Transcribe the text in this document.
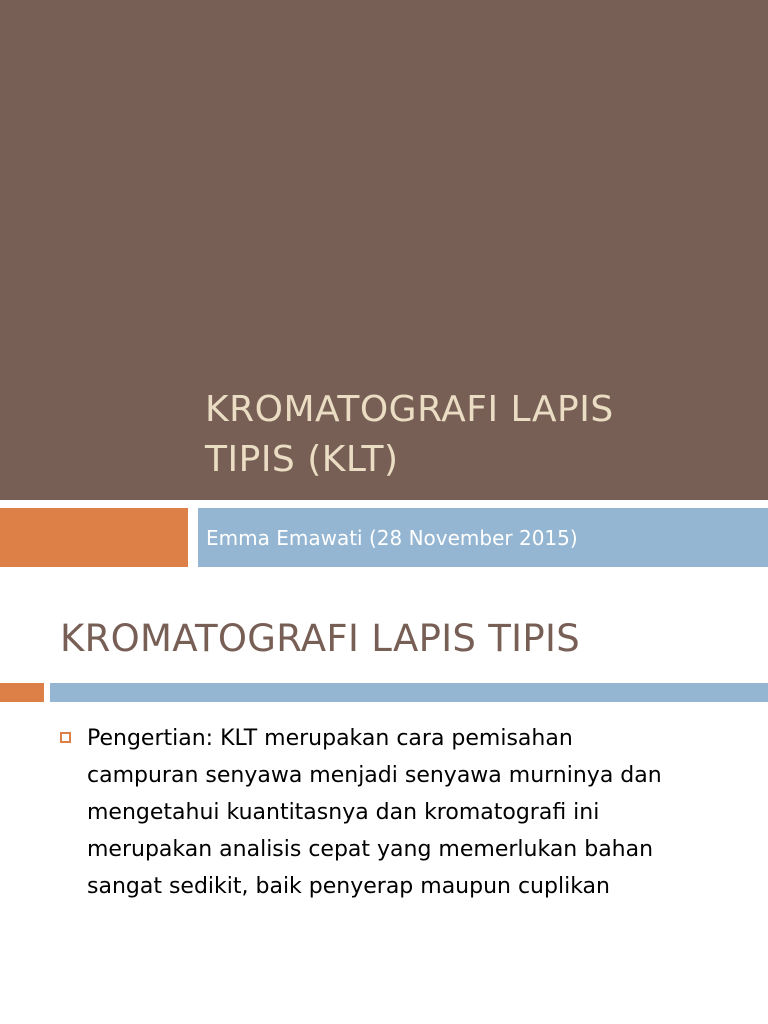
KROMATOGRAFI LAPIS
TIPIS (KLT)
Emma Emawati (28 November 2015)
KROMATOGRAFI LAPIS TIPIS
Pengertian: KLT merupakan cara pemisahan
campuran senyawa menjadi senyawa murninya dan
mengetahui kuantitasnya dan kromatografi ini
merupakan analisis cepat yang memerlukan bahan
sangat sedikit, baik penyerap maupun cuplikan
